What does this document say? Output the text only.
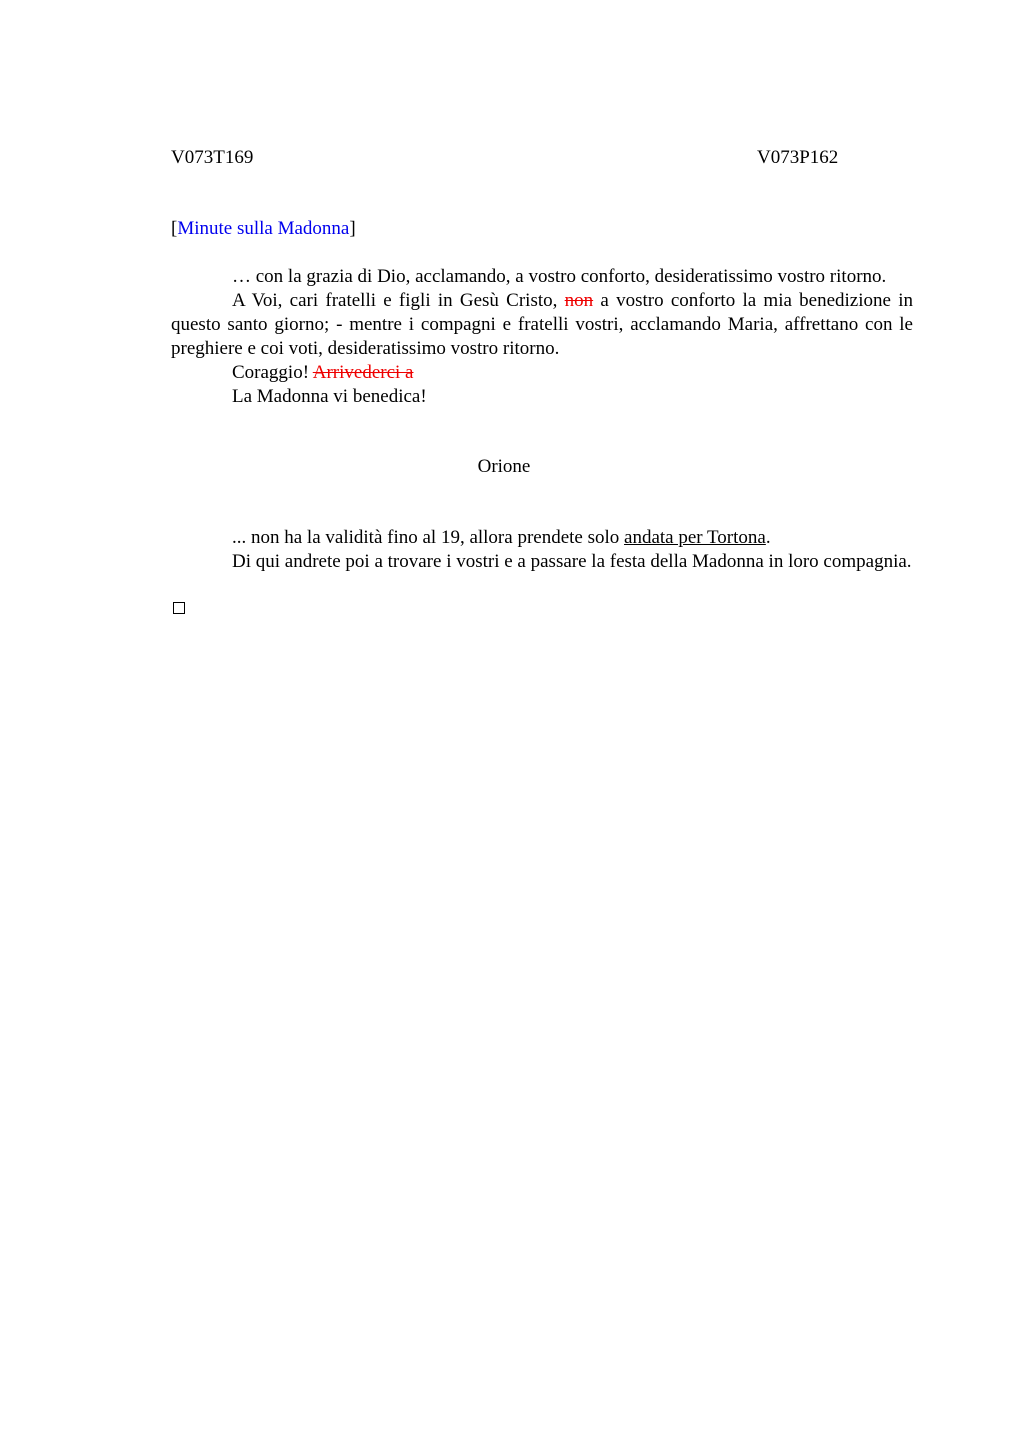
V073T169	V073P162
[Minute sulla Madonna]

… con la grazia di Dio, acclamando, a vostro conforto, desideratissimo vostro ritorno.

A Voi, cari fratelli e figli in Gesù Cristo, non a vostro conforto la mia benedizione in questo santo giorno; - mentre i compagni e fratelli vostri, acclamando Maria, affrettano con le preghiere e coi voti, desideratissimo vostro ritorno.

Coraggio! Arrivederci a

La Madonna vi benedica!

Orione

... non ha la validità fino al 19, allora prendete solo andata per Tortona.

Di qui andrete poi a trovare i vostri e a passare la festa della Madonna in loro compagnia.
